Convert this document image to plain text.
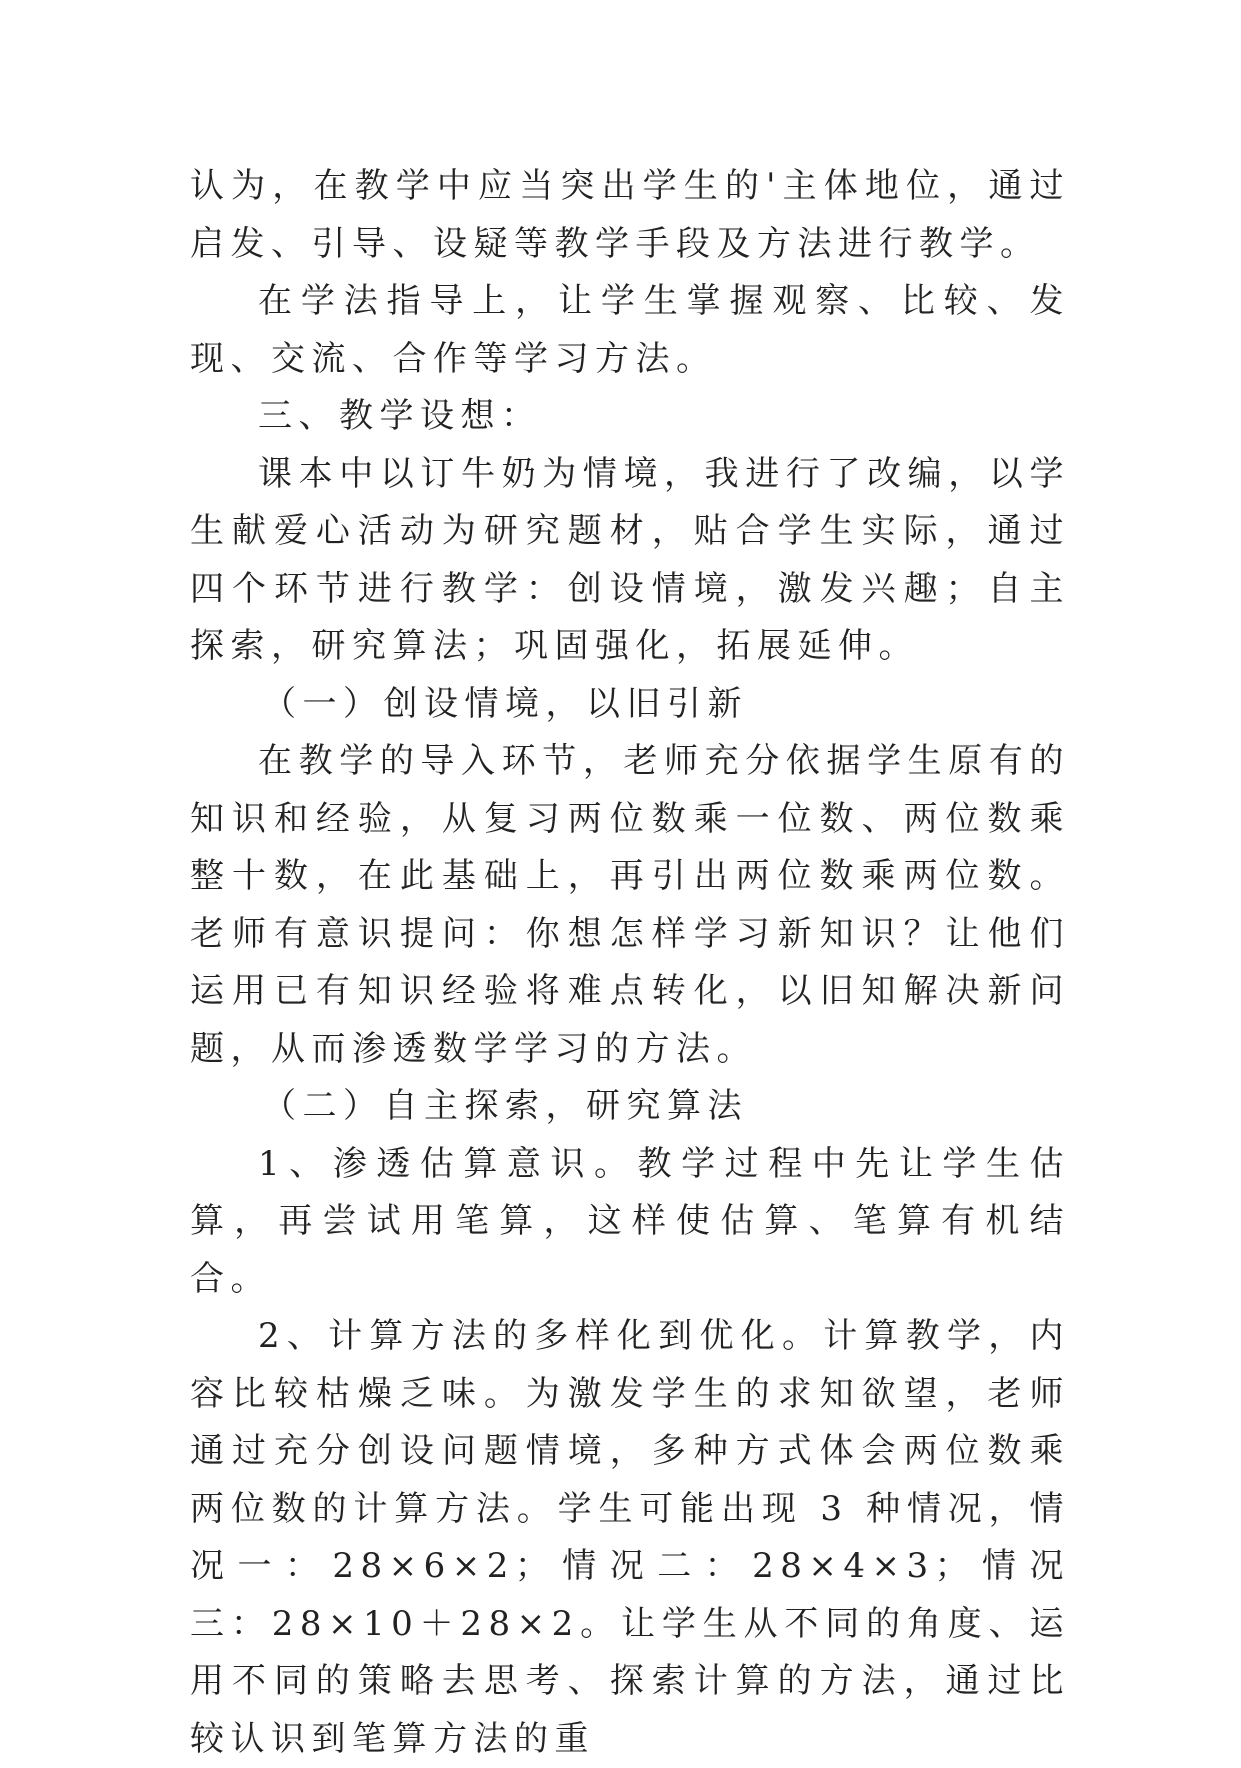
认为，在教学中应当突出学生的'主体地位，通过启发、引导、设疑等教学手段及方法进行教学。

在学法指导上，让学生掌握观察、比较、发现、交流、合作等学习方法。

三、教学设想：

课本中以订牛奶为情境，我进行了改编，以学生献爱心活动为研究题材，贴合学生实际，通过四个环节进行教学：创设情境，激发兴趣；自主探索，研究算法；巩固强化，拓展延伸。

（一）创设情境，以旧引新

在教学的导入环节，老师充分依据学生原有的知识和经验，从复习两位数乘一位数、两位数乘整十数，在此基础上，再引出两位数乘两位数。老师有意识提问：你想怎样学习新知识？让他们运用已有知识经验将难点转化，以旧知解决新问题，从而渗透数学学习的方法。

（二）自主探索，研究算法

1、渗透估算意识。教学过程中先让学生估算，再尝试用笔算，这样使估算、笔算有机结合。

2、计算方法的多样化到优化。计算教学，内容比较枯燥乏味。为激发学生的求知欲望，老师通过充分创设问题情境，多种方式体会两位数乘两位数的计算方法。学生可能出现 3 种情况，情况一：28×6×2；情况二：28×4×3；情况三：28×10＋28×2。让学生从不同的角度、运用不同的策略去思考、探索计算的方法，通过比较认识到笔算方法的重
